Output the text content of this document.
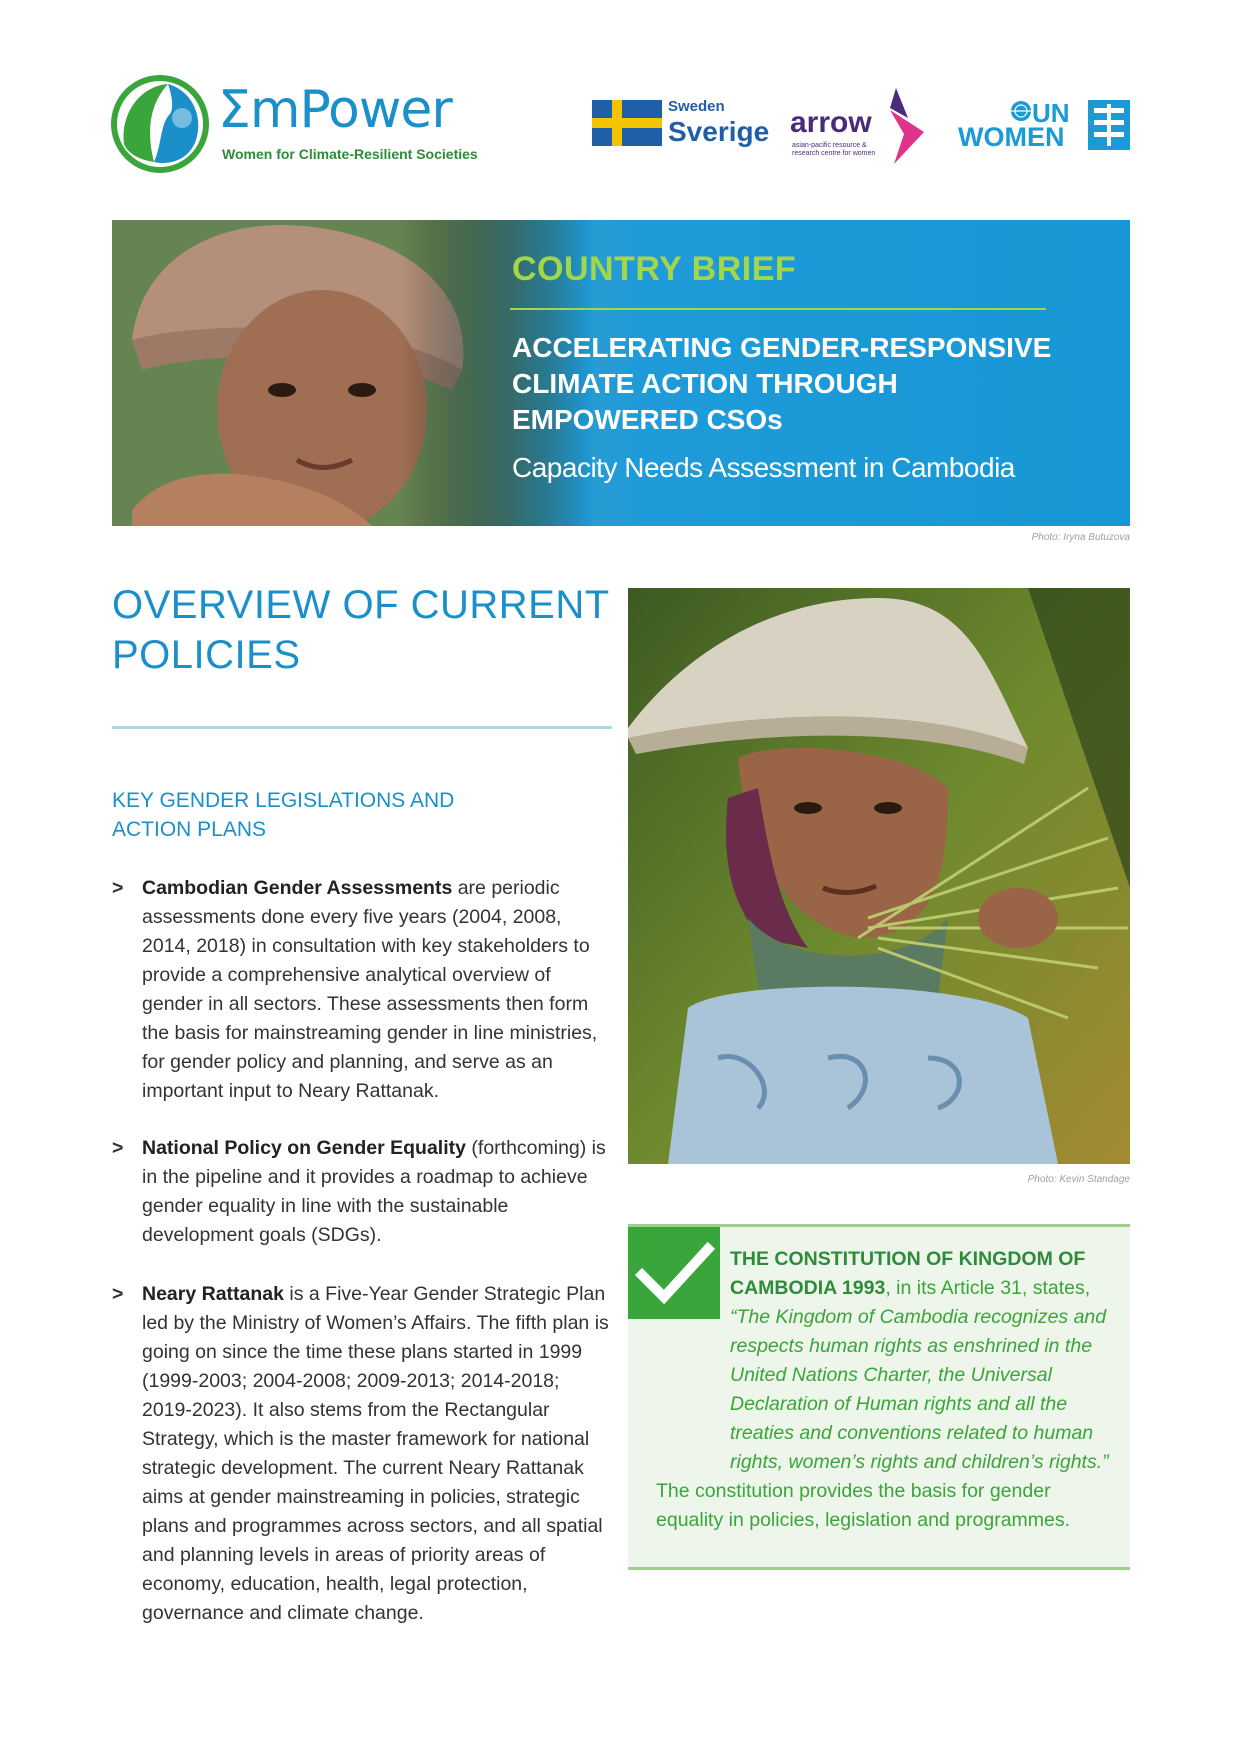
ΣmPower
Women for Climate-Resilient Societies
Sweden
Sverige arrow
asian-pacific resource & research centre for women
UN
WOMEN
COUNTRY BRIEF
ACCELERATING GENDER-RESPONSIVE CLIMATE ACTION THROUGH EMPOWERED CSOs
Capacity Needs Assessment in Cambodia
Photo: Iryna Butuzova
OVERVIEW OF CURRENT POLICIES
KEY GENDER LEGISLATIONS AND ACTION PLANS
> Cambodian Gender Assessments are periodic assessments done every five years (2004, 2008, 2014, 2018) in consultation with key stakeholders to provide a comprehensive analytical overview of gender in all sectors. These assessments then form the basis for mainstreaming gender in line ministries, for gender policy and planning, and serve as an important input to Neary Rattanak.
> National Policy on Gender Equality (forthcoming) is in the pipeline and it provides a roadmap to achieve gender equality in line with the sustainable development goals (SDGs).
> Neary Rattanak is a Five-Year Gender Strategic Plan led by the Ministry of Women’s Affairs. The fifth plan is going on since the time these plans started in 1999 (1999-2003; 2004-2008; 2009-2013; 2014-2018; 2019-2023). It also stems from the Rectangular Strategy, which is the master framework for national strategic development. The current Neary Rattanak aims at gender mainstreaming in policies, strategic plans and programmes across sectors, and all spatial and planning levels in areas of priority areas of economy, education, health, legal protection, governance and climate change.
Photo: Kevin Standage
THE CONSTITUTION OF KINGDOM OF CAMBODIA 1993, in its Article 31, states, “The Kingdom of Cambodia recognizes and respects human rights as enshrined in the United Nations Charter, the Universal Declaration of Human rights and all the treaties and conventions related to human rights, women’s rights and children’s rights.”
The constitution provides the basis for gender equality in policies, legislation and programmes.
